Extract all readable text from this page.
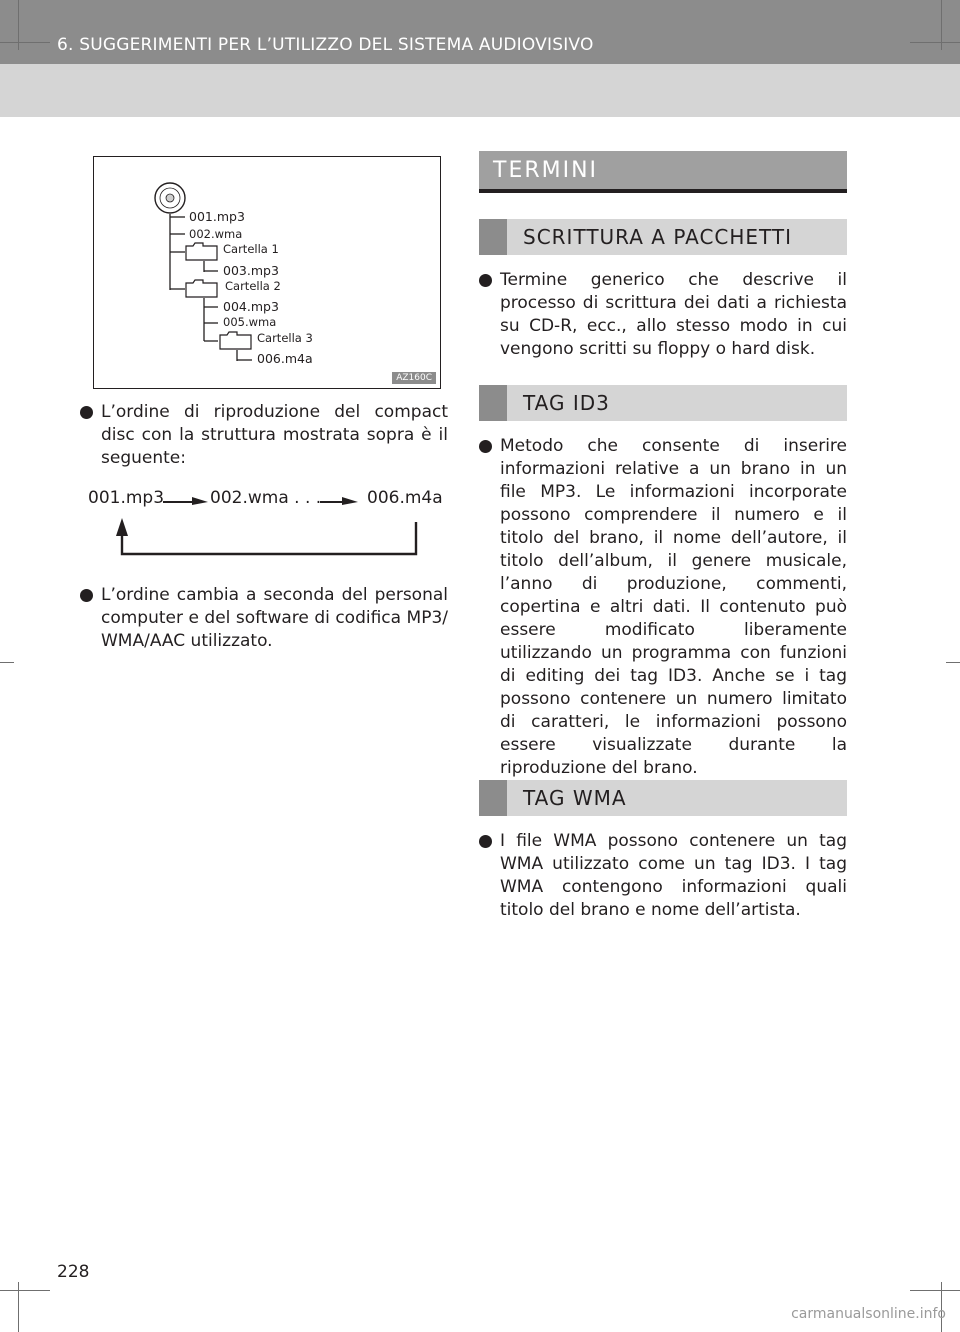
6. SUGGERIMENTI PER L’UTILIZZO DEL SISTEMA AUDIOVISIVO
001.mp3
002.wma
Cartella 1
003.mp3
Cartella 2
004.mp3
005.wma
Cartella 3
006.m4a
AZ160C
L’ordine di riproduzione del compact disc con la struttura mostrata sopra è il seguente:
001.mp3	002.wma . . .	006.m4a
L’ordine cambia a seconda del personal computer e del software di codifica MP3/ WMA/AAC utilizzato.
TERMINI
SCRITTURA A PACCHETTI
Termine generico che descrive il processo di scrittura dei dati a richiesta su CD-R, ecc., allo stesso modo in cui vengono scritti su floppy o hard disk.
TAG ID3
Metodo che consente di inserire informazioni relative a un brano in un file MP3. Le informazioni incorporate possono comprendere il numero e il titolo del brano, il nome dell’autore, il titolo dell’album, il genere musicale, l’anno di produzione, commenti, copertina e altri dati. Il contenuto può essere modificato liberamente utilizzando un programma con funzioni di editing dei tag ID3. Anche se i tag possono contenere un numero limitato di caratteri, le informazioni possono essere visualizzate durante la riproduzione del brano.
TAG WMA
I file WMA possono contenere un tag WMA utilizzato come un tag ID3. I tag WMA contengono informazioni quali titolo del brano e nome dell’artista.
228
carmanualsonline.info
